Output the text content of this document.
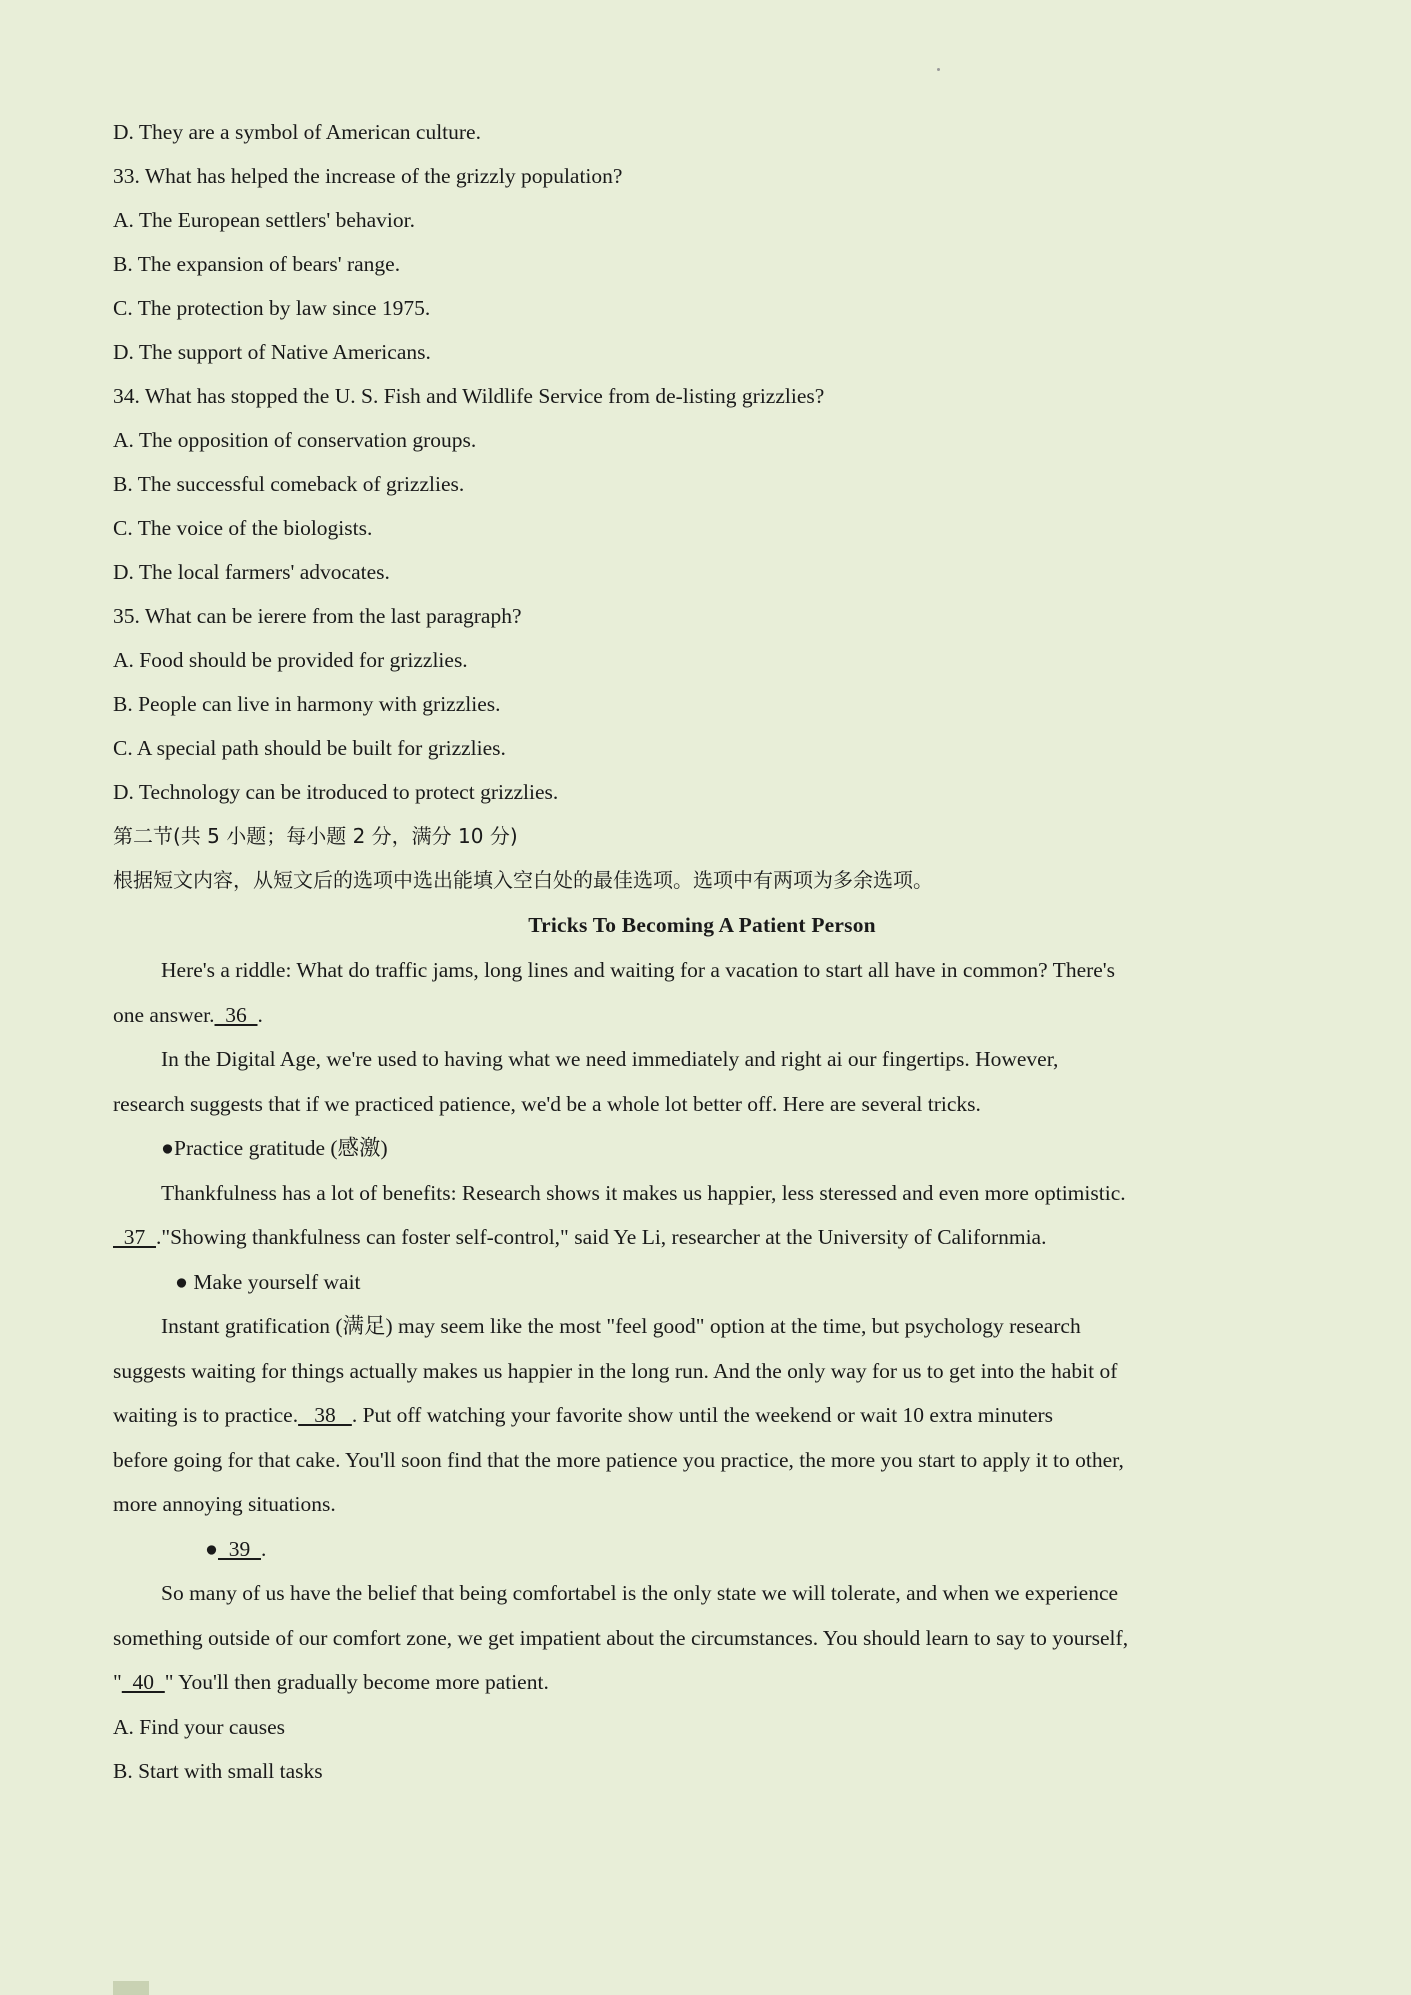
D. They are a symbol of American culture.
33. What has helped the increase of the grizzly population?
A. The European settlers' behavior.
B. The expansion of bears' range.
C. The protection by law since 1975.
D. The support of Native Americans.
34. What has stopped the U. S. Fish and Wildlife Service from de-listing grizzlies?
A. The opposition of conservation groups.
B. The successful comeback of grizzlies.
C. The voice of the biologists.
D. The local farmers' advocates.
35. What can be ierere from the last paragraph?
A. Food should be provided for grizzlies.
B. People can live in harmony with grizzlies.
C. A special path should be built for grizzlies.
D. Technology can be itroduced to protect grizzlies.
第二节(共 5 小题；每小题 2 分，满分 10 分)
根据短文内容，从短文后的选项中选出能填入空白处的最佳选项。选项中有两项为多余选项。
Tricks To Becoming A Patient Person
Here's a riddle: What do traffic jams, long lines and waiting for a vacation to start all have in common? There's
one answer.  36  .
In the Digital Age, we're used to having what we need immediately and right ai our fingertips. However,
research suggests that if we practiced patience, we'd be a whole lot better off. Here are several tricks.
●Practice gratitude (感激)
Thankfulness has a lot of benefits: Research shows it makes us happier, less steressed and even more optimistic.
37  ."Showing thankfulness can foster self-control," said Ye Li, researcher at the University of Californmia.
● Make yourself wait
Instant gratification (满足) may seem like the most "feel good" option at the time, but psychology research
suggests waiting for things actually makes us happier in the long run. And the only way for us to get into the habit of
waiting is to practice.   38   . Put off watching your favorite show until the weekend or wait 10 extra minuters
before going for that cake. You'll soon find that the more patience you practice, the more you start to apply it to other,
more annoying situations.
●  39  .
So many of us have the belief that being comfortabel is the only state we will tolerate, and when we experience
something outside of our comfort zone, we get impatient about the circumstances. You should learn to say to yourself,
"  40  " You'll then gradually become more patient.
A. Find your causes
B. Start with small tasks
